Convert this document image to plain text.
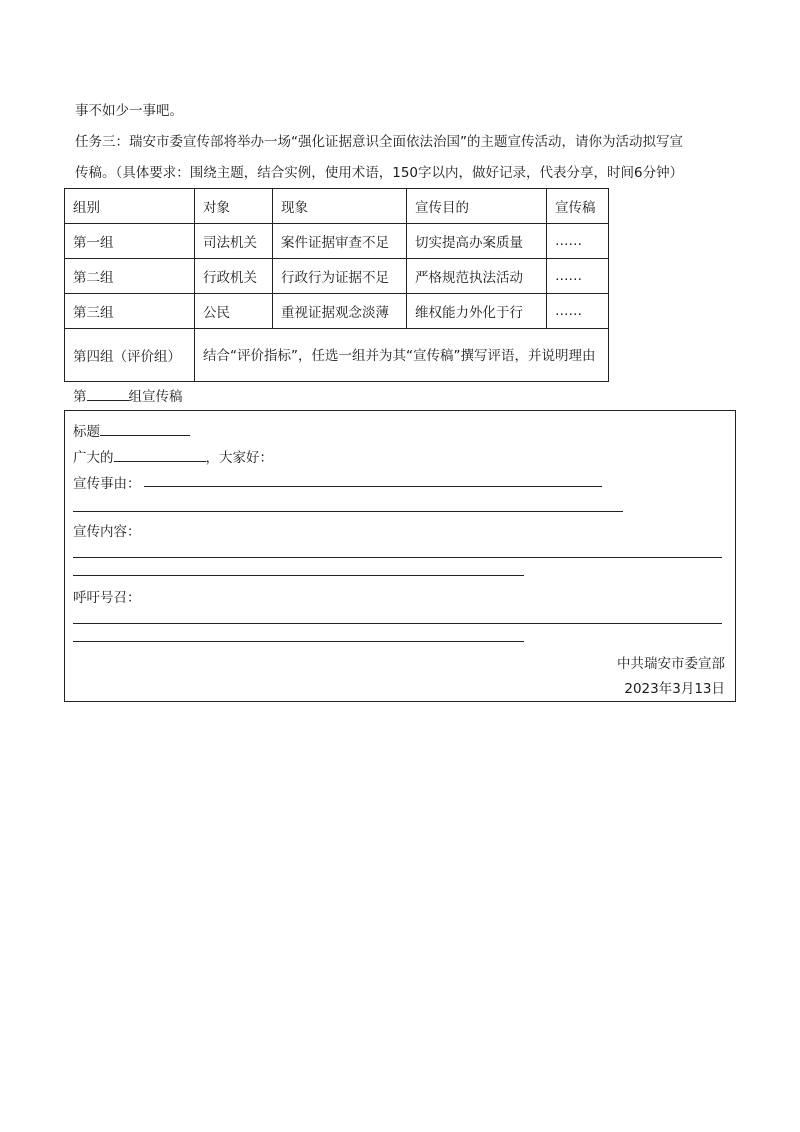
事不如少一事吧。
任务三：瑞安市委宣传部将举办一场“强化证据意识全面依法治国”的主题宣传活动，请你为活动拟写宣
传稿。（具体要求：围绕主题，结合实例，使用术语，150字以内，做好记录，代表分享，时间6分钟）
组别	对象	现象	宣传目的	宣传稿
第一组	司法机关	案件证据审查不足	切实提高办案质量	……
第二组	行政机关	行政行为证据不足	严格规范执法活动	……
第三组	公民	重视证据观念淡薄	维权能力外化于行	……
第四组（评价组）	结合“评价指标”，任选一组并为其“宣传稿”撰写评语，并说明理由			
第	组宣传稿
标题
广大的	，大家好：
宣传事由：
宣传内容：
呼吁号召：
中共瑞安市委宣部
2023年3月13日
